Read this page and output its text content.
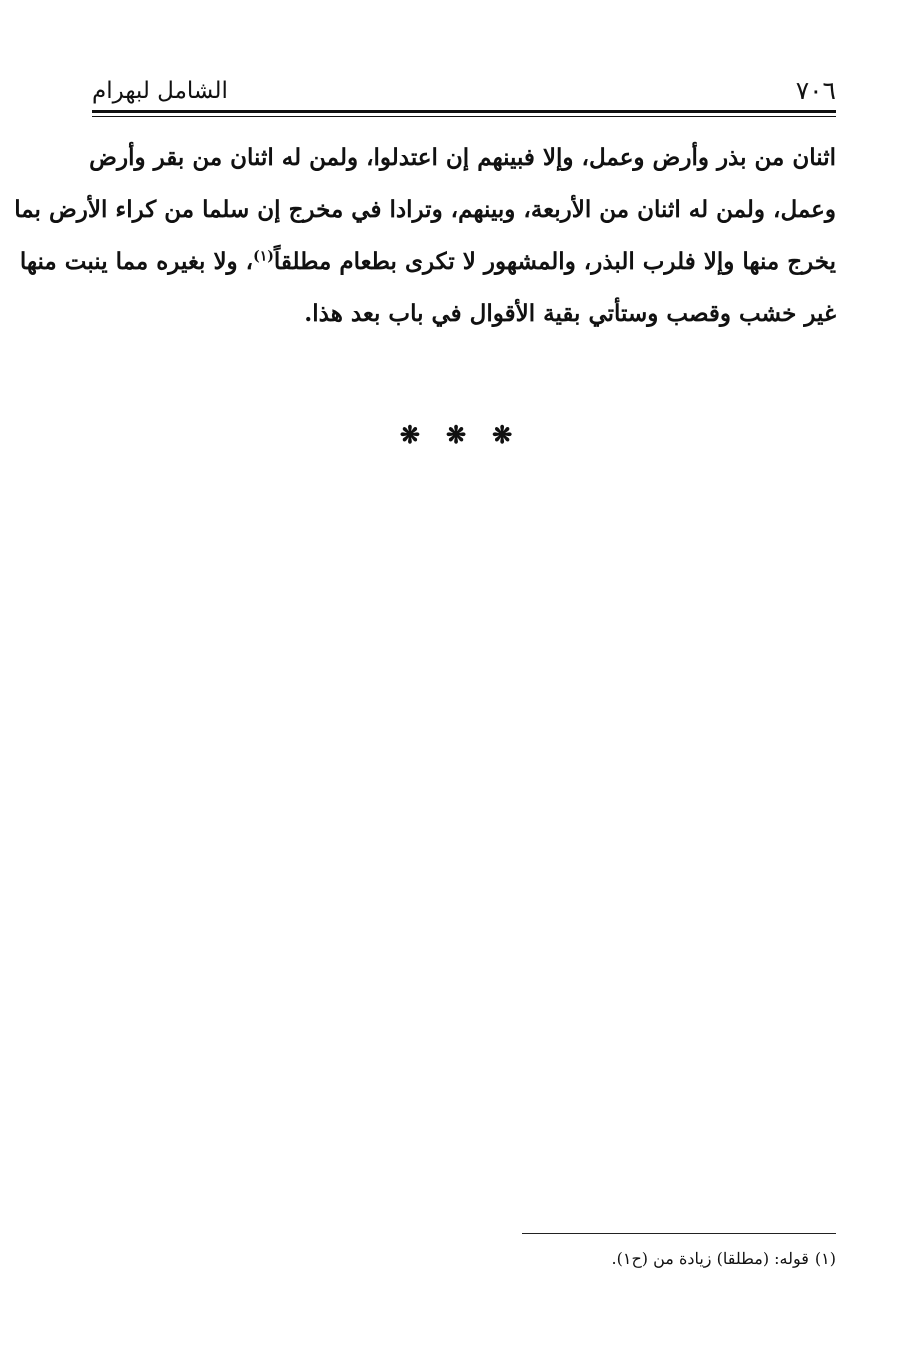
٧٠٦
الشامل لبهرام
اثنان من بذر وأرض وعمل، وإلا فبينهم إن اعتدلوا، ولمن له اثنان من بقر وأرض
وعمل، ولمن له اثنان من الأربعة، وبينهم، وترادا في مخرج إن سلما من كراء الأرض بما
يخرج منها وإلا فلرب البذر، والمشهور لا تكرى بطعام مطلقاً$^{(١)}$، ولا بغيره مما ينبت منها
غير خشب وقصب وستأتي بقية الأقوال في باب بعد هذا.
❋
❋
❋
(١)قوله: (مطلقا) زيادة من (ح١).
